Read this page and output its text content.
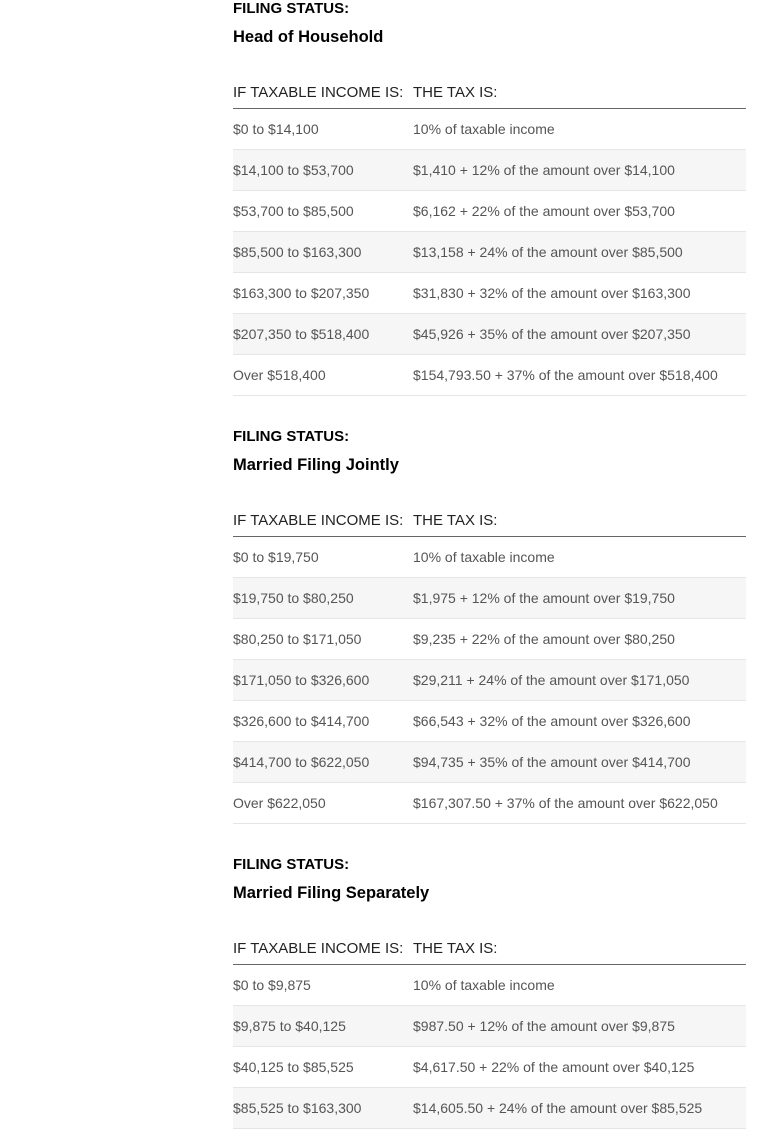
FILING STATUS:
Head of Household
IF TAXABLE INCOME IS:	THE TAX IS:
$0 to $14,100	10% of taxable income
$14,100 to $53,700	$1,410 + 12% of the amount over $14,100
$53,700 to $85,500	$6,162 + 22% of the amount over $53,700
$85,500 to $163,300	$13,158 + 24% of the amount over $85,500
$163,300 to $207,350	$31,830 + 32% of the amount over $163,300
$207,350 to $518,400	$45,926 + 35% of the amount over $207,350
Over $518,400	$154,793.50 + 37% of the amount over $518,400
FILING STATUS:
Married Filing Jointly
IF TAXABLE INCOME IS:	THE TAX IS:
$0 to $19,750	10% of taxable income
$19,750 to $80,250	$1,975 + 12% of the amount over $19,750
$80,250 to $171,050	$9,235 + 22% of the amount over $80,250
$171,050 to $326,600	$29,211 + 24% of the amount over $171,050
$326,600 to $414,700	$66,543 + 32% of the amount over $326,600
$414,700 to $622,050	$94,735 + 35% of the amount over $414,700
Over $622,050	$167,307.50 + 37% of the amount over $622,050
FILING STATUS:
Married Filing Separately
IF TAXABLE INCOME IS:	THE TAX IS:
$0 to $9,875	10% of taxable income
$9,875 to $40,125	$987.50 + 12% of the amount over $9,875
$40,125 to $85,525	$4,617.50 + 22% of the amount over $40,125
$85,525 to $163,300	$14,605.50 + 24% of the amount over $85,525
